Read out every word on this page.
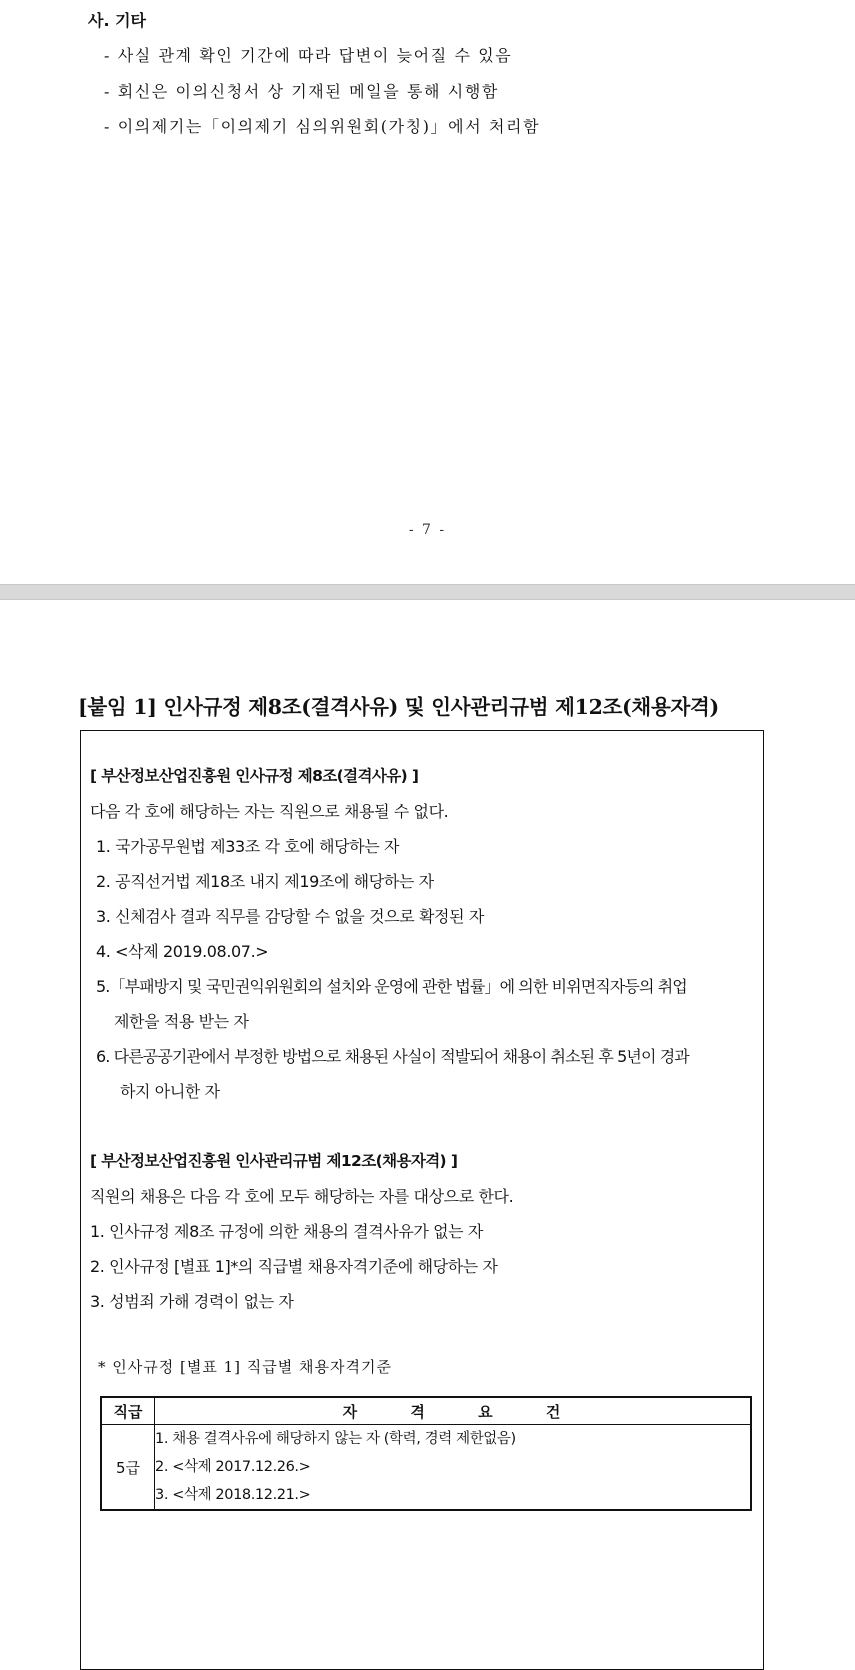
사. 기타
- 사실 관계 확인 기간에 따라 답변이 늦어질 수 있음
- 회신은 이의신청서 상 기재된 메일을 통해 시행함
- 이의제기는「이의제기 심의위원회(가칭)」에서 처리함
- 7 -
[붙임 1] 인사규정 제8조(결격사유) 및 인사관리규범 제12조(채용자격)
[ 부산정보산업진흥원 인사규정 제8조(결격사유) ]
다음 각 호에 해당하는 자는 직원으로 채용될 수 없다.
1. 국가공무원법 제33조 각 호에 해당하는 자
2. 공직선거법 제18조 내지 제19조에 해당하는 자
3. 신체검사 결과 직무를 감당할 수 없을 것으로 확정된 자
4. <삭제 2019.08.07.>
5.「부패방지 및 국민권익위원회의 설치와 운영에 관한 법률」에 의한 비위면직자등의 취업
제한을 적용 받는 자
6. 다른공공기관에서 부정한 방법으로 채용된 사실이 적발되어 채용이 취소된 후 5년이 경과
하지 아니한 자
[ 부산정보산업진흥원 인사관리규범 제12조(채용자격) ]
직원의 채용은 다음 각 호에 모두 해당하는 자를 대상으로 한다.
1. 인사규정 제8조 규정에 의한 채용의 결격사유가 없는 자
2. 인사규정 [별표 1]*의 직급별 채용자격기준에 해당하는 자
3. 성범죄 가해 경력이 없는 자
* 인사규정 [별표 1] 직급별 채용자격기준
직급	자 격 요 건
5급	1. 채용 결격사유에 해당하지 않는 자 (학력, 경력 제한없음)
2. <삭제 2017.12.26.>
3. <삭제 2018.12.21.>
